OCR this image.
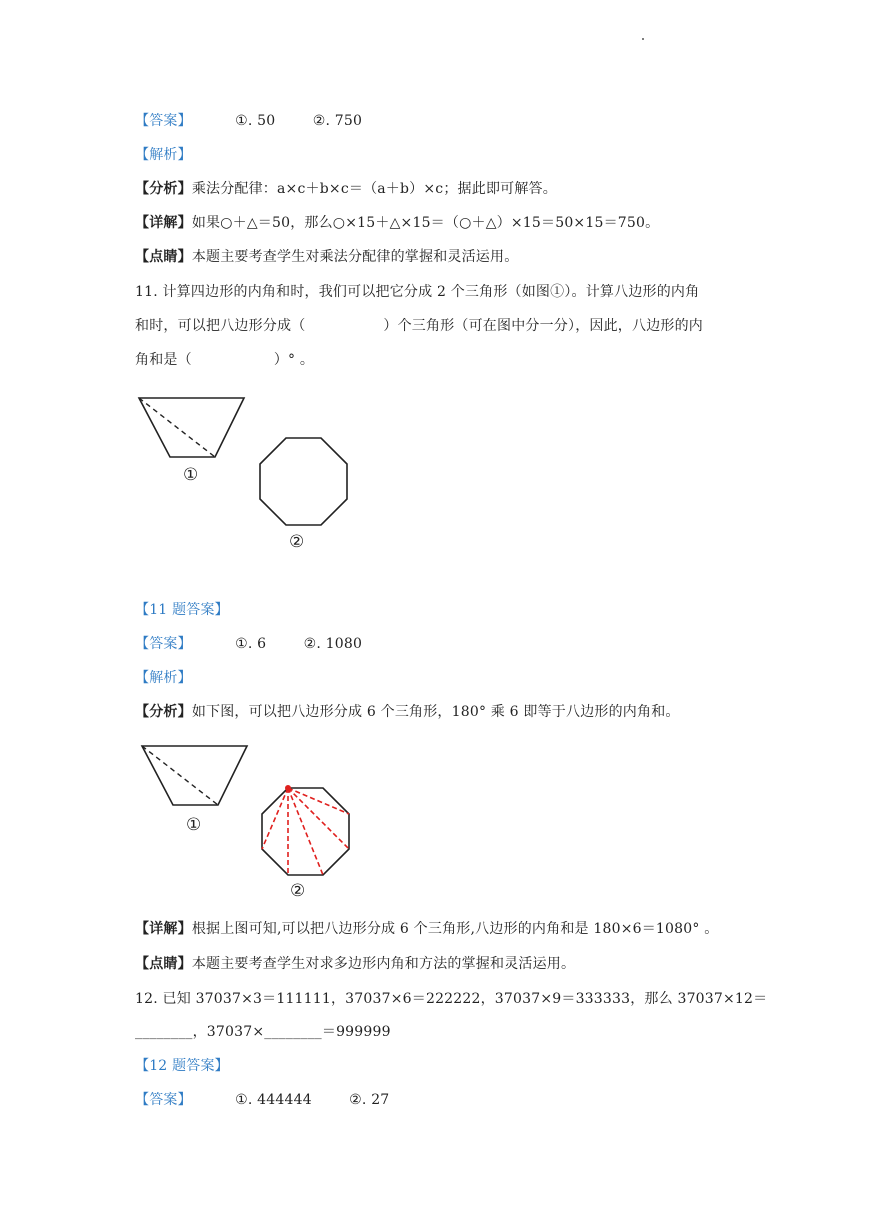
【答案】	①. 50	②. 750
【解析】
【分析】乘法分配律：a×c＋b×c＝（a＋b）×c；据此即可解答。
【详解】如果○＋△＝50，那么○×15＋△×15＝（○＋△）×15＝50×15＝750。
【点睛】本题主要考查学生对乘法分配律的掌握和灵活运用。
11. 计算四边形的内角和时，我们可以把它分成 2 个三角形（如图①）。计算八边形的内角
和时，可以把八边形分成（	）个三角形（可在图中分一分），因此，八边形的内
角和是（	）° 。
①
②
【11 题答案】
【答案】	①. 6	②. 1080
【解析】
【分析】如下图，可以把八边形分成 6 个三角形，180° 乘 6 即等于八边形的内角和。
①
②
【详解】根据上图可知,可以把八边形分成 6 个三角形,八边形的内角和是 180×6＝1080° 。
【点睛】本题主要考查学生对求多边形内角和方法的掌握和灵活运用。
12. 已知 37037×3＝111111，37037×6＝222222，37037×9＝333333，那么 37037×12＝
________，37037×________＝999999
【12 题答案】
【答案】	①. 444444	②. 27
